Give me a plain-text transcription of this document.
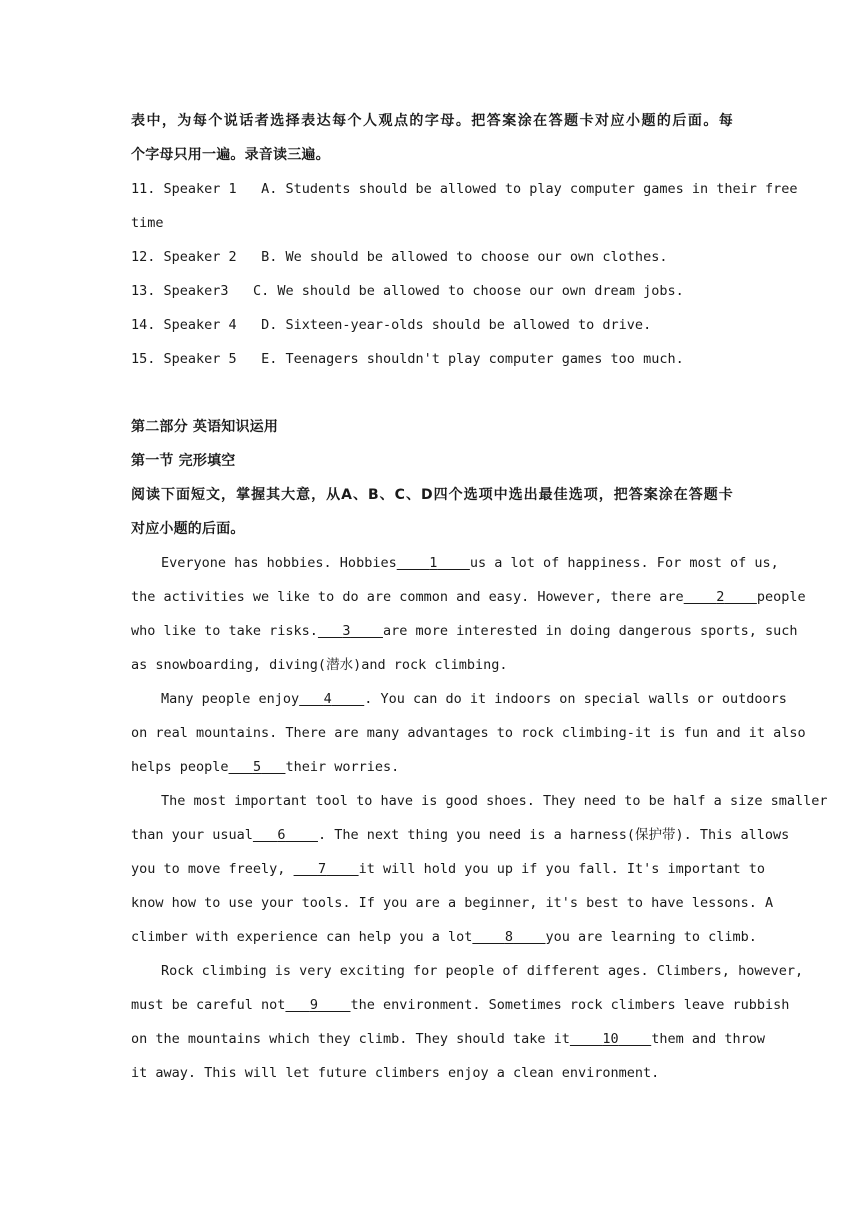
表中，为每个说话者选择表达每个人观点的字母。把答案涂在答题卡对应小题的后面。每
个字母只用一遍。录音读三遍。
11. Speaker 1 A. Students should be allowed to play computer games in their free
time
12. Speaker 2 B. We should be allowed to choose our own clothes.
13. Speaker3 C. We should be allowed to choose our own dream jobs.
14. Speaker 4 D. Sixteen-year-olds should be allowed to drive.
15. Speaker 5 E. Teenagers shouldn't play computer games too much.
第二部分 英语知识运用
第一节 完形填空
阅读下面短文，掌握其大意，从A、B、C、D四个选项中选出最佳选项，把答案涂在答题卡
对应小题的后面。
Everyone has hobbies. Hobbies 1 us a lot of happiness. For most of us,
the activities we like to do are common and easy. However, there are 2 people
who like to take risks. 3 are more interested in doing dangerous sports, such
as snowboarding, diving(潜水)and rock climbing.
Many people enjoy 4 . You can do it indoors on special walls or outdoors
on real mountains. There are many advantages to rock climbing-it is fun and it also
helps people 5 their worries.
The most important tool to have is good shoes. They need to be half a size smaller
than your usual 6 . The next thing you need is a harness(保护带). This allows
you to move freely, 7 it will hold you up if you fall. It's important to
know how to use your tools. If you are a beginner, it's best to have lessons. A
climber with experience can help you a lot 8 you are learning to climb.
Rock climbing is very exciting for people of different ages. Climbers, however,
must be careful not 9 the environment. Sometimes rock climbers leave rubbish
on the mountains which they climb. They should take it 10 them and throw
it away. This will let future climbers enjoy a clean environment.
